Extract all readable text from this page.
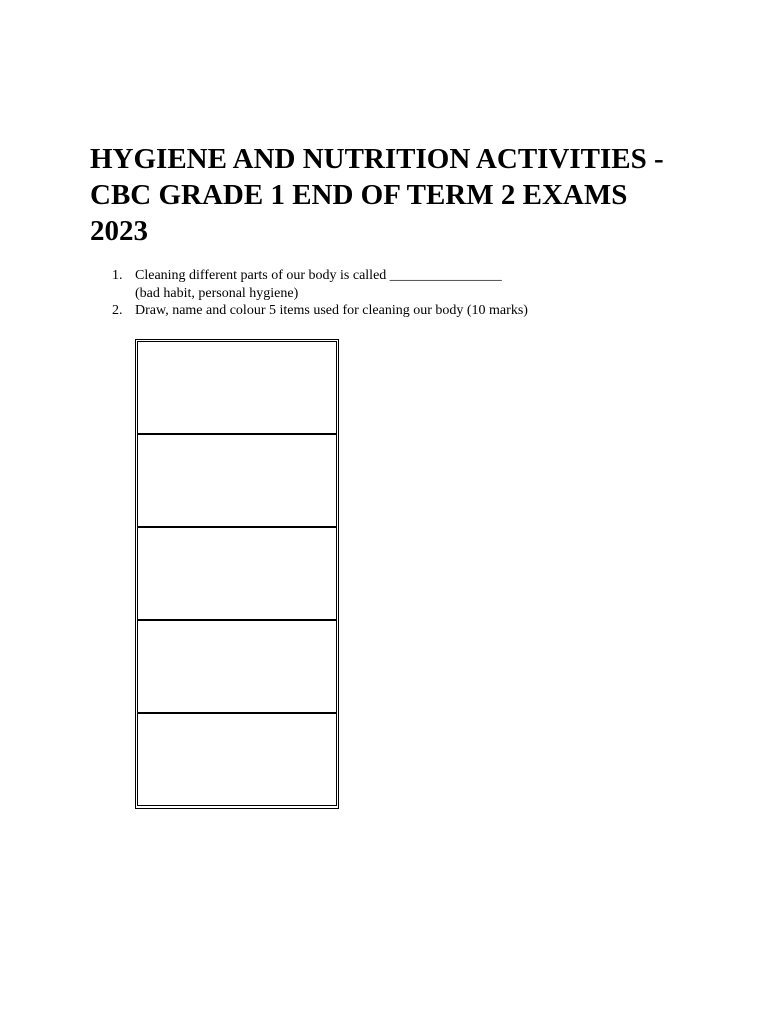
HYGIENE AND NUTRITION ACTIVITIES - CBC GRADE 1 END OF TERM 2 EXAMS 2023
1. Cleaning different parts of our body is called ________________
(bad habit, personal hygiene)
2. Draw, name and colour 5 items used for cleaning our body (10 marks)
